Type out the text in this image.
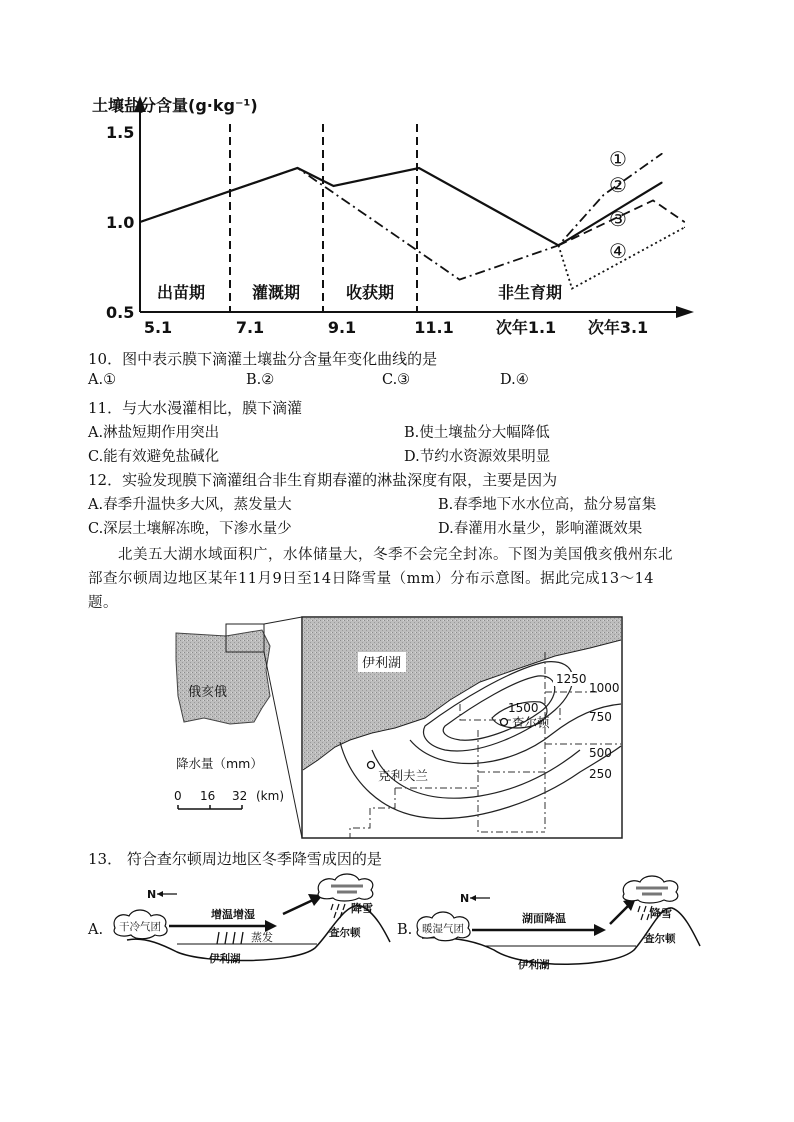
土壤盐分含量(g·kg⁻¹)
0.5
1.0
1.5
5.1	7.1	9.1	11.1	次年1.1 次年3.1
出苗期	灌溉期	收获期	非生育期
①
②
③
④
10．图中表示膜下滴灌土壤盐分含量年变化曲线的是
A.①	B.②	C.③	D.④
11．与大水漫灌相比，膜下滴灌
A.淋盐短期作用突出	B.使土壤盐分大幅降低
C.能有效避免盐碱化	D.节约水资源效果明显
12．实验发现膜下滴灌组合非生育期春灌的淋盐深度有限，主要是因为
A.春季升温快多大风，蒸发量大	B.春季地下水水位高，盐分易富集
C.深层土壤解冻晚，下渗水量少	D.春灌用水量少，影响灌溉效果
北美五大湖水域面积广，水体储量大，冬季不会完全封冻。下图为美国俄亥俄州东北
部查尔顿周边地区某年11月9日至14日降雪量（mm）分布示意图。据此完成13～14
题。
俄亥俄
降水量（mm）
0 16 32 (km)
伊利湖
查尔顿
克利夫兰
1500
1250
1000
750
500
250
13． 符合查尔顿周边地区冬季降雪成因的是
A.	B.
N
干冷气团
增温增湿
蒸发
降雪
查尔顿
伊利湖
N
暖湿气团
湖面降温	降雪
查尔顿
伊利湖
